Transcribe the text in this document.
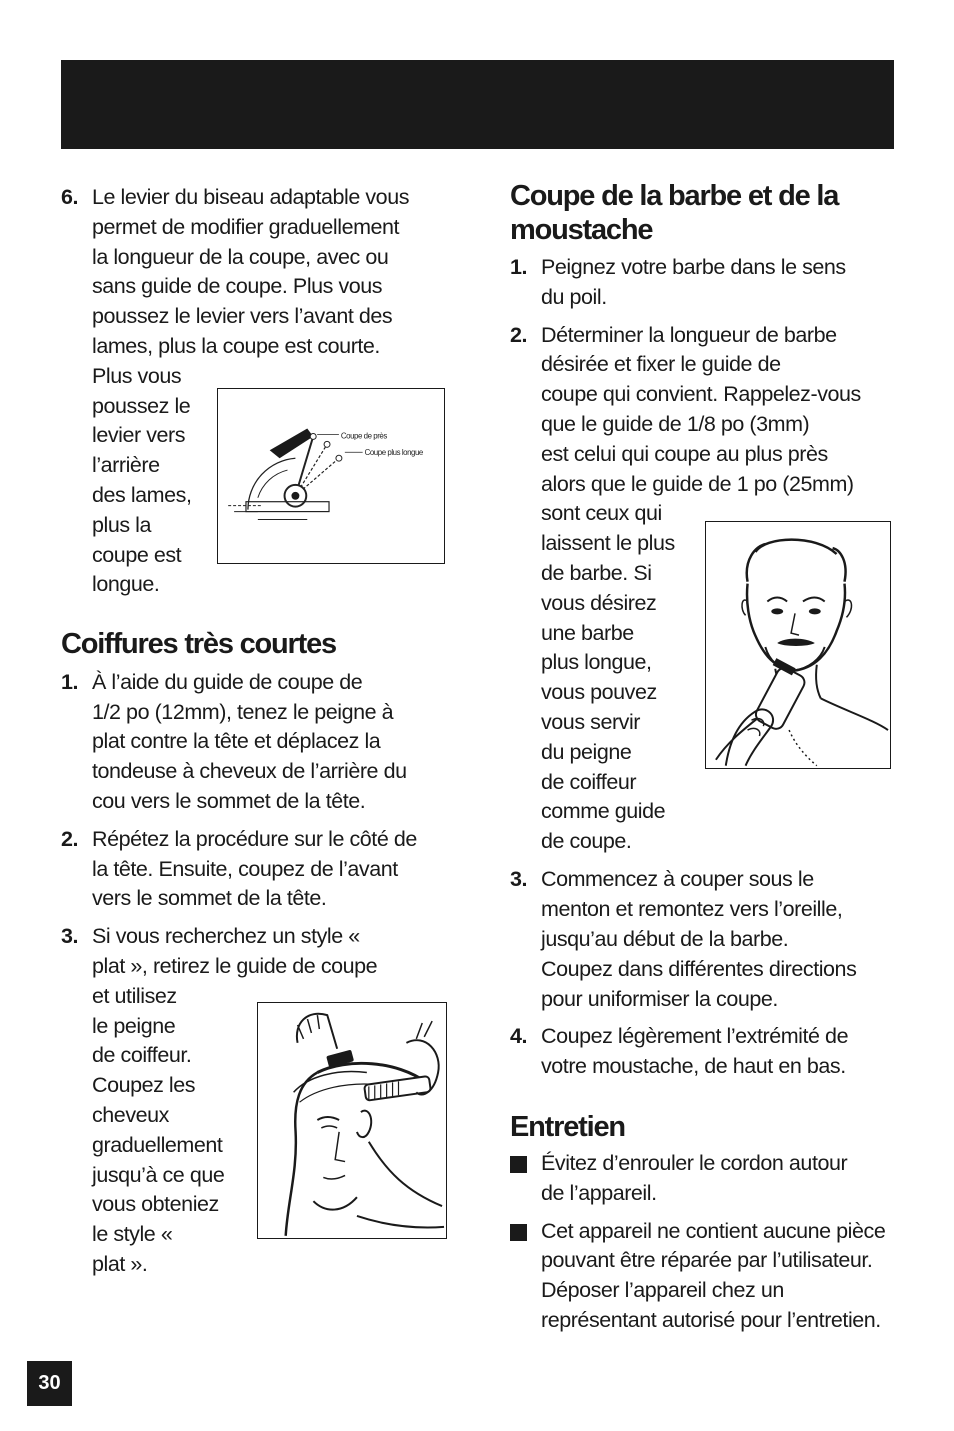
6. Le levier du biseau adaptable vous
permet de modifier graduellement
la longueur de la coupe, avec ou
sans guide de coupe. Plus vous
poussez le levier vers l’avant des
lames, plus la coupe est courte.
Plus vous
poussez le
levier vers
l’arrière
des lames,
plus la
coupe est
longue.
Coupe de près
Coupe plus longue
Coiffures très courtes
1. À l’aide du guide de coupe de
1/2 po (12mm), tenez le peigne à
plat contre la tête et déplacez la
tondeuse à cheveux de l’arrière du
cou vers le sommet de la tête.
2. Répétez la procédure sur le côté de
la tête. Ensuite, coupez de l’avant
vers le sommet de la tête.
3. Si vous recherchez un style «
plat », retirez le guide de coupe
et utilisez
le peigne
de coiffeur.
Coupez les
cheveux
graduellement
jusqu’à ce que
vous obteniez
le style «
plat ».
Coupe de la barbe et de la
moustache
1. Peignez votre barbe dans le sens
du poil.
2. Déterminer la longueur de barbe
désirée et fixer le guide de
coupe qui convient. Rappelez-vous
que le guide de 1/8 po (3mm)
est celui qui coupe au plus près
alors que le guide de 1 po (25mm)
sont ceux qui
laissent le plus
de barbe. Si
vous désirez
une barbe
plus longue,
vous pouvez
vous servir
du peigne
de coiffeur
comme guide
de coupe.
3. Commencez à couper sous le
menton et remontez vers l’oreille,
jusqu’au début de la barbe.
Coupez dans différentes directions
pour uniformiser la coupe.
4. Coupez légèrement l’extrémité de
votre moustache, de haut en bas.
Entretien
Évitez d’enrouler le cordon autour
de l’appareil.
Cet appareil ne contient aucune pièce
pouvant être réparée par l’utilisateur.
Déposer l’appareil chez un
représentant autorisé pour l’entretien.
30
